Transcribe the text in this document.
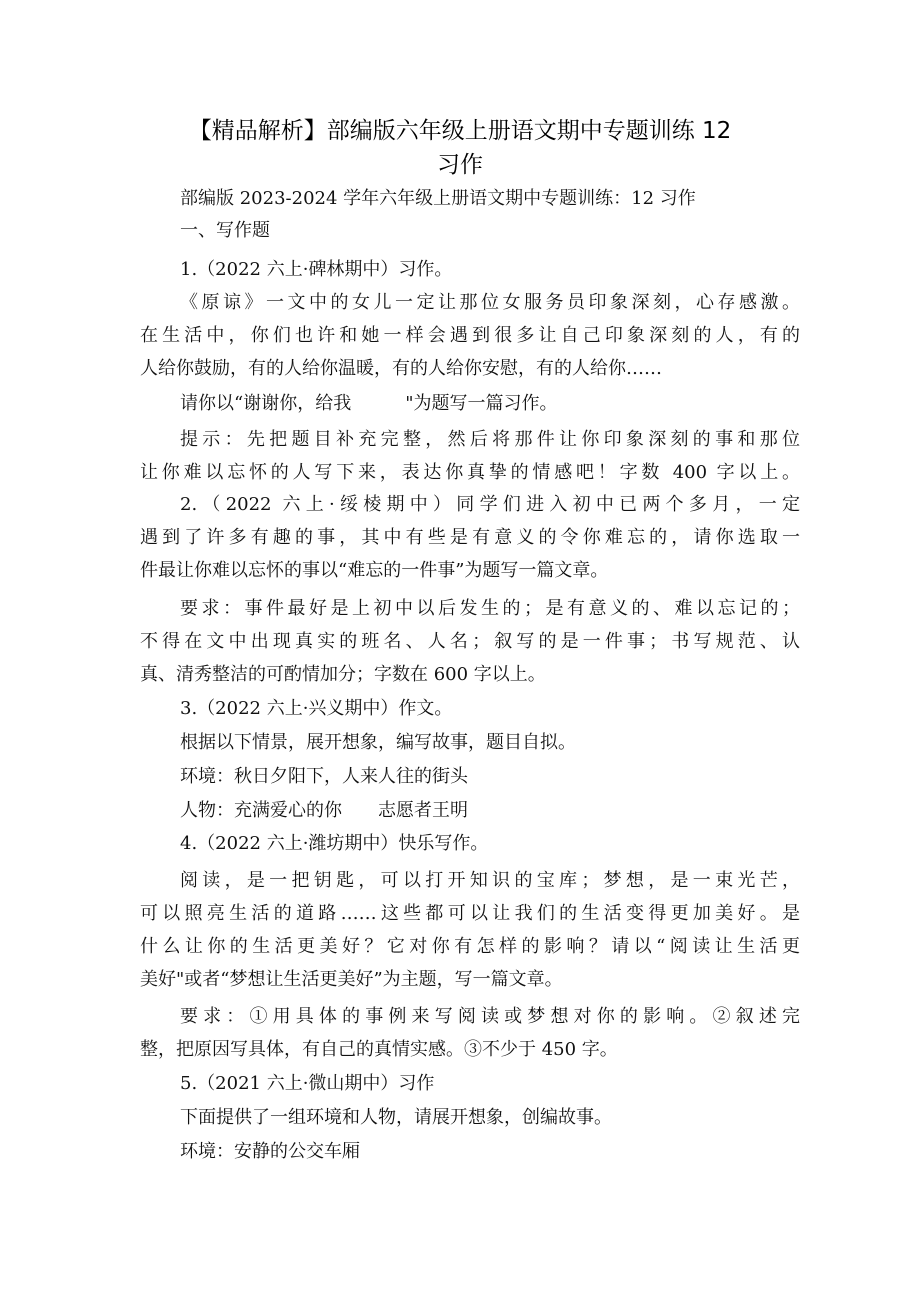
【精品解析】部编版六年级上册语文期中专题训练 12
习作
部编版 2023-2024 学年六年级上册语文期中专题训练：12 习作
一、写作题
1.（2022 六上·碑林期中）习作。
《原谅》一文中的女儿一定让那位女服务员印象深刻，心存感激。
在生活中，你们也许和她一样会遇到很多让自己印象深刻的人，有的
人给你鼓励，有的人给你温暖，有的人给你安慰，有的人给你……
请你以“谢谢你，给我　　　"为题写一篇习作。
提示：先把题目补充完整，然后将那件让你印象深刻的事和那位
让你难以忘怀的人写下来，表达你真挚的情感吧！字数 400 字以上。
2.（2022 六上·绥棱期中）同学们进入初中已两个多月，一定
遇到了许多有趣的事，其中有些是有意义的令你难忘的，请你选取一
件最让你难以忘怀的事以“难忘的一件事”为题写一篇文章。
要求：事件最好是上初中以后发生的；是有意义的、难以忘记的；
不得在文中出现真实的班名、人名；叙写的是一件事；书写规范、认
真、清秀整洁的可酌情加分；字数在 600 字以上。
3.（2022 六上·兴义期中）作文。
根据以下情景，展开想象，编写故事，题目自拟。
环境：秋日夕阳下，人来人往的街头
人物：充满爱心的你　　志愿者王明
4.（2022 六上·潍坊期中）快乐写作。
阅读，是一把钥匙，可以打开知识的宝库；梦想，是一束光芒，
可以照亮生活的道路……这些都可以让我们的生活变得更加美好。是
什么让你的生活更美好？它对你有怎样的影响？请以“阅读让生活更
美好"或者“梦想让生活更美好”为主题，写一篇文章。
要求：①用具体的事例来写阅读或梦想对你的影响。②叙述完
整，把原因写具体，有自己的真情实感。③不少于 450 字。
5.（2021 六上·微山期中）习作
下面提供了一组环境和人物，请展开想象，创编故事。
环境：安静的公交车厢
